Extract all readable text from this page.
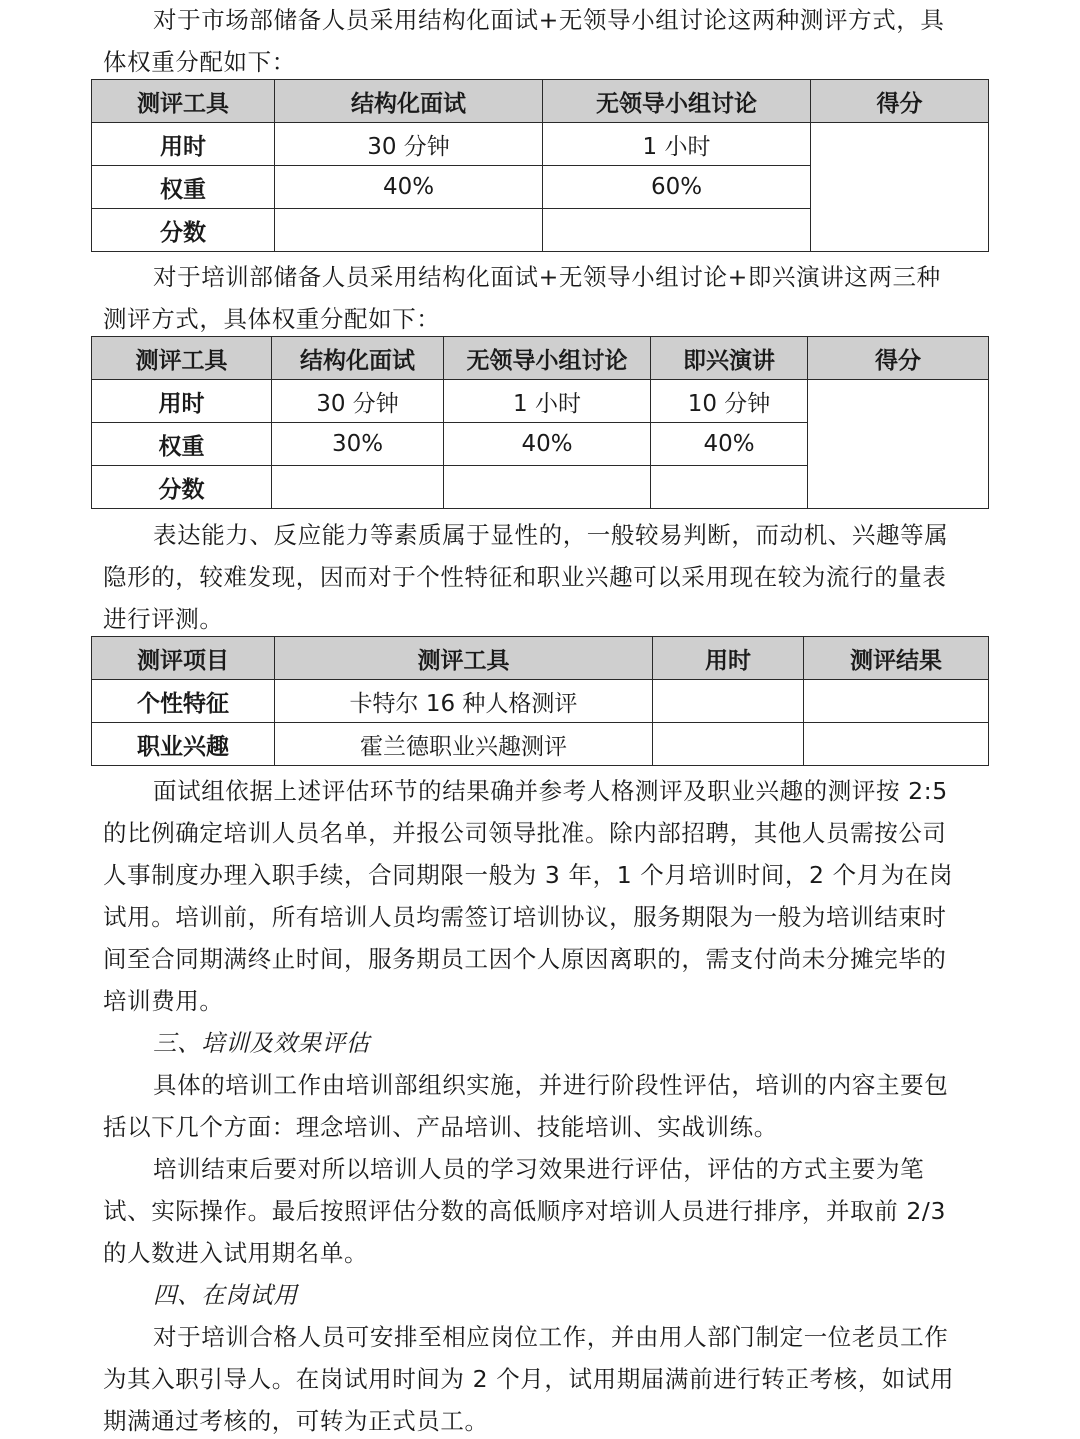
对于市场部储备人员采用结构化面试+无领导小组讨论这两种测评方式，具
体权重分配如下：
测评工具	结构化面试	无领导小组讨论	得分
用时	30 分钟	1 小时	
权重	40%	60%	
分数			
对于培训部储备人员采用结构化面试+无领导小组讨论+即兴演讲这两三种
测评方式，具体权重分配如下：
测评工具	结构化面试	无领导小组讨论	即兴演讲	得分
用时	30 分钟	1 小时	10 分钟	
权重	30%	40%	40%	
分数				
表达能力、反应能力等素质属于显性的，一般较易判断，而动机、兴趣等属
隐形的，较难发现，因而对于个性特征和职业兴趣可以采用现在较为流行的量表
进行评测。
测评项目	测评工具	用时	测评结果
个性特征	卡特尔 16 种人格测评		
职业兴趣	霍兰德职业兴趣测评		
面试组依据上述评估环节的结果确并参考人格测评及职业兴趣的测评按 2:5
的比例确定培训人员名单，并报公司领导批准。除内部招聘，其他人员需按公司
人事制度办理入职手续，合同期限一般为 3 年，1 个月培训时间，2 个月为在岗
试用。培训前，所有培训人员均需签订培训协议，服务期限为一般为培训结束时
间至合同期满终止时间，服务期员工因个人原因离职的，需支付尚未分摊完毕的
培训费用。
三、培训及效果评估
具体的培训工作由培训部组织实施，并进行阶段性评估，培训的内容主要包
括以下几个方面：理念培训、产品培训、技能培训、实战训练。
培训结束后要对所以培训人员的学习效果进行评估，评估的方式主要为笔
试、实际操作。最后按照评估分数的高低顺序对培训人员进行排序，并取前 2/3
的人数进入试用期名单。
四、在岗试用
对于培训合格人员可安排至相应岗位工作，并由用人部门制定一位老员工作
为其入职引导人。在岗试用时间为 2 个月，试用期届满前进行转正考核，如试用
期满通过考核的，可转为正式员工。
